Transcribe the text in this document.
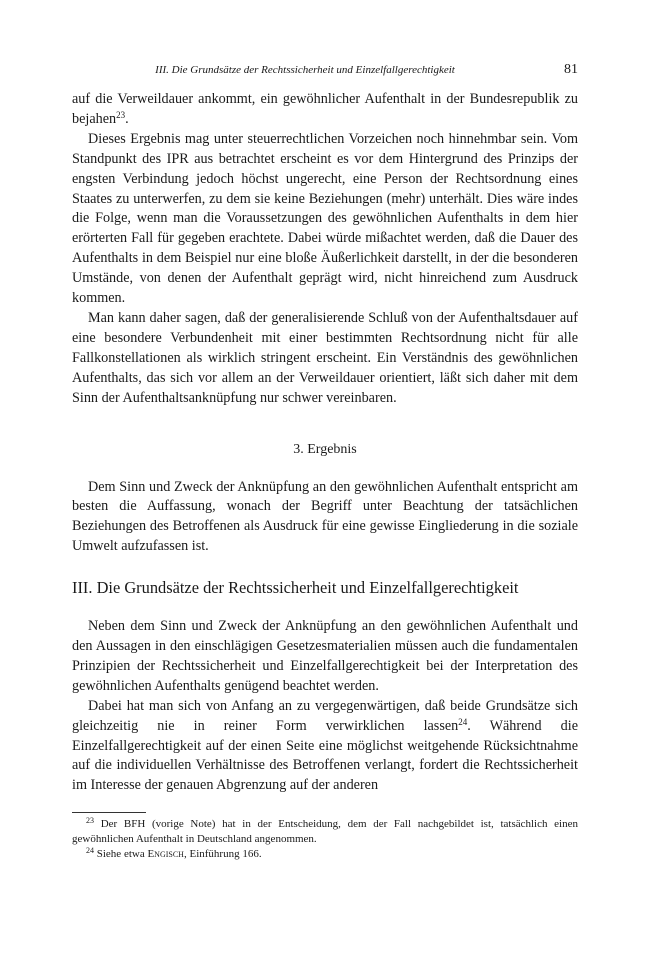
III. Die Grundsätze der Rechtssicherheit und Einzelfallgerechtigkeit	81

auf die Verweildauer ankommt, ein gewöhnlicher Aufenthalt in der Bundesrepublik zu bejahen$^{23}$.

Dieses Ergebnis mag unter steuerrechtlichen Vorzeichen noch hinnehmbar sein. Vom Standpunkt des IPR aus betrachtet erscheint es vor dem Hintergrund des Prinzips der engsten Verbindung jedoch höchst ungerecht, eine Person der Rechtsordnung eines Staates zu unterwerfen, zu dem sie keine Beziehungen (mehr) unterhält. Dies wäre indes die Folge, wenn man die Voraussetzungen des gewöhnlichen Aufenthalts in dem hier erörterten Fall für gegeben erachtete. Dabei würde mißachtet werden, daß die Dauer des Aufenthalts in dem Beispiel nur eine bloße Äußerlichkeit darstellt, in der die besonderen Umstände, von denen der Aufenthalt geprägt wird, nicht hinreichend zum Ausdruck kommen.

Man kann daher sagen, daß der generalisierende Schluß von der Aufenthaltsdauer auf eine besondere Verbundenheit mit einer bestimmten Rechtsordnung nicht für alle Fallkonstellationen als wirklich stringent erscheint. Ein Verständnis des gewöhnlichen Aufenthalts, das sich vor allem an der Verweildauer orientiert, läßt sich daher mit dem Sinn der Aufenthaltsanknüpfung nur schwer vereinbaren.

3. Ergebnis

Dem Sinn und Zweck der Anknüpfung an den gewöhnlichen Aufenthalt entspricht am besten die Auffassung, wonach der Begriff unter Beachtung der tatsächlichen Beziehungen des Betroffenen als Ausdruck für eine gewisse Eingliederung in die soziale Umwelt aufzufassen ist.

III. Die Grundsätze der Rechtssicherheit und Einzelfallgerechtigkeit

Neben dem Sinn und Zweck der Anknüpfung an den gewöhnlichen Aufenthalt und den Aussagen in den einschlägigen Gesetzesmaterialien müssen auch die fundamentalen Prinzipien der Rechtssicherheit und Einzelfallgerechtigkeit bei der Interpretation des gewöhnlichen Aufenthalts genügend beachtet werden.

Dabei hat man sich von Anfang an zu vergegenwärtigen, daß beide Grundsätze sich gleichzeitig nie in reiner Form verwirklichen lassen$^{24}$. Während die Einzelfallgerechtigkeit auf der einen Seite eine möglichst weitgehende Rücksichtnahme auf die individuellen Verhältnisse des Betroffenen verlangt, fordert die Rechtssicherheit im Interesse der genauen Abgrenzung auf der anderen

$^{23}$ Der BFH (vorige Note) hat in der Entscheidung, dem der Fall nachgebildet ist, tatsächlich einen gewöhnlichen Aufenthalt in Deutschland angenommen.

$^{24}$ Siehe etwa Engisch, Einführung 166.
